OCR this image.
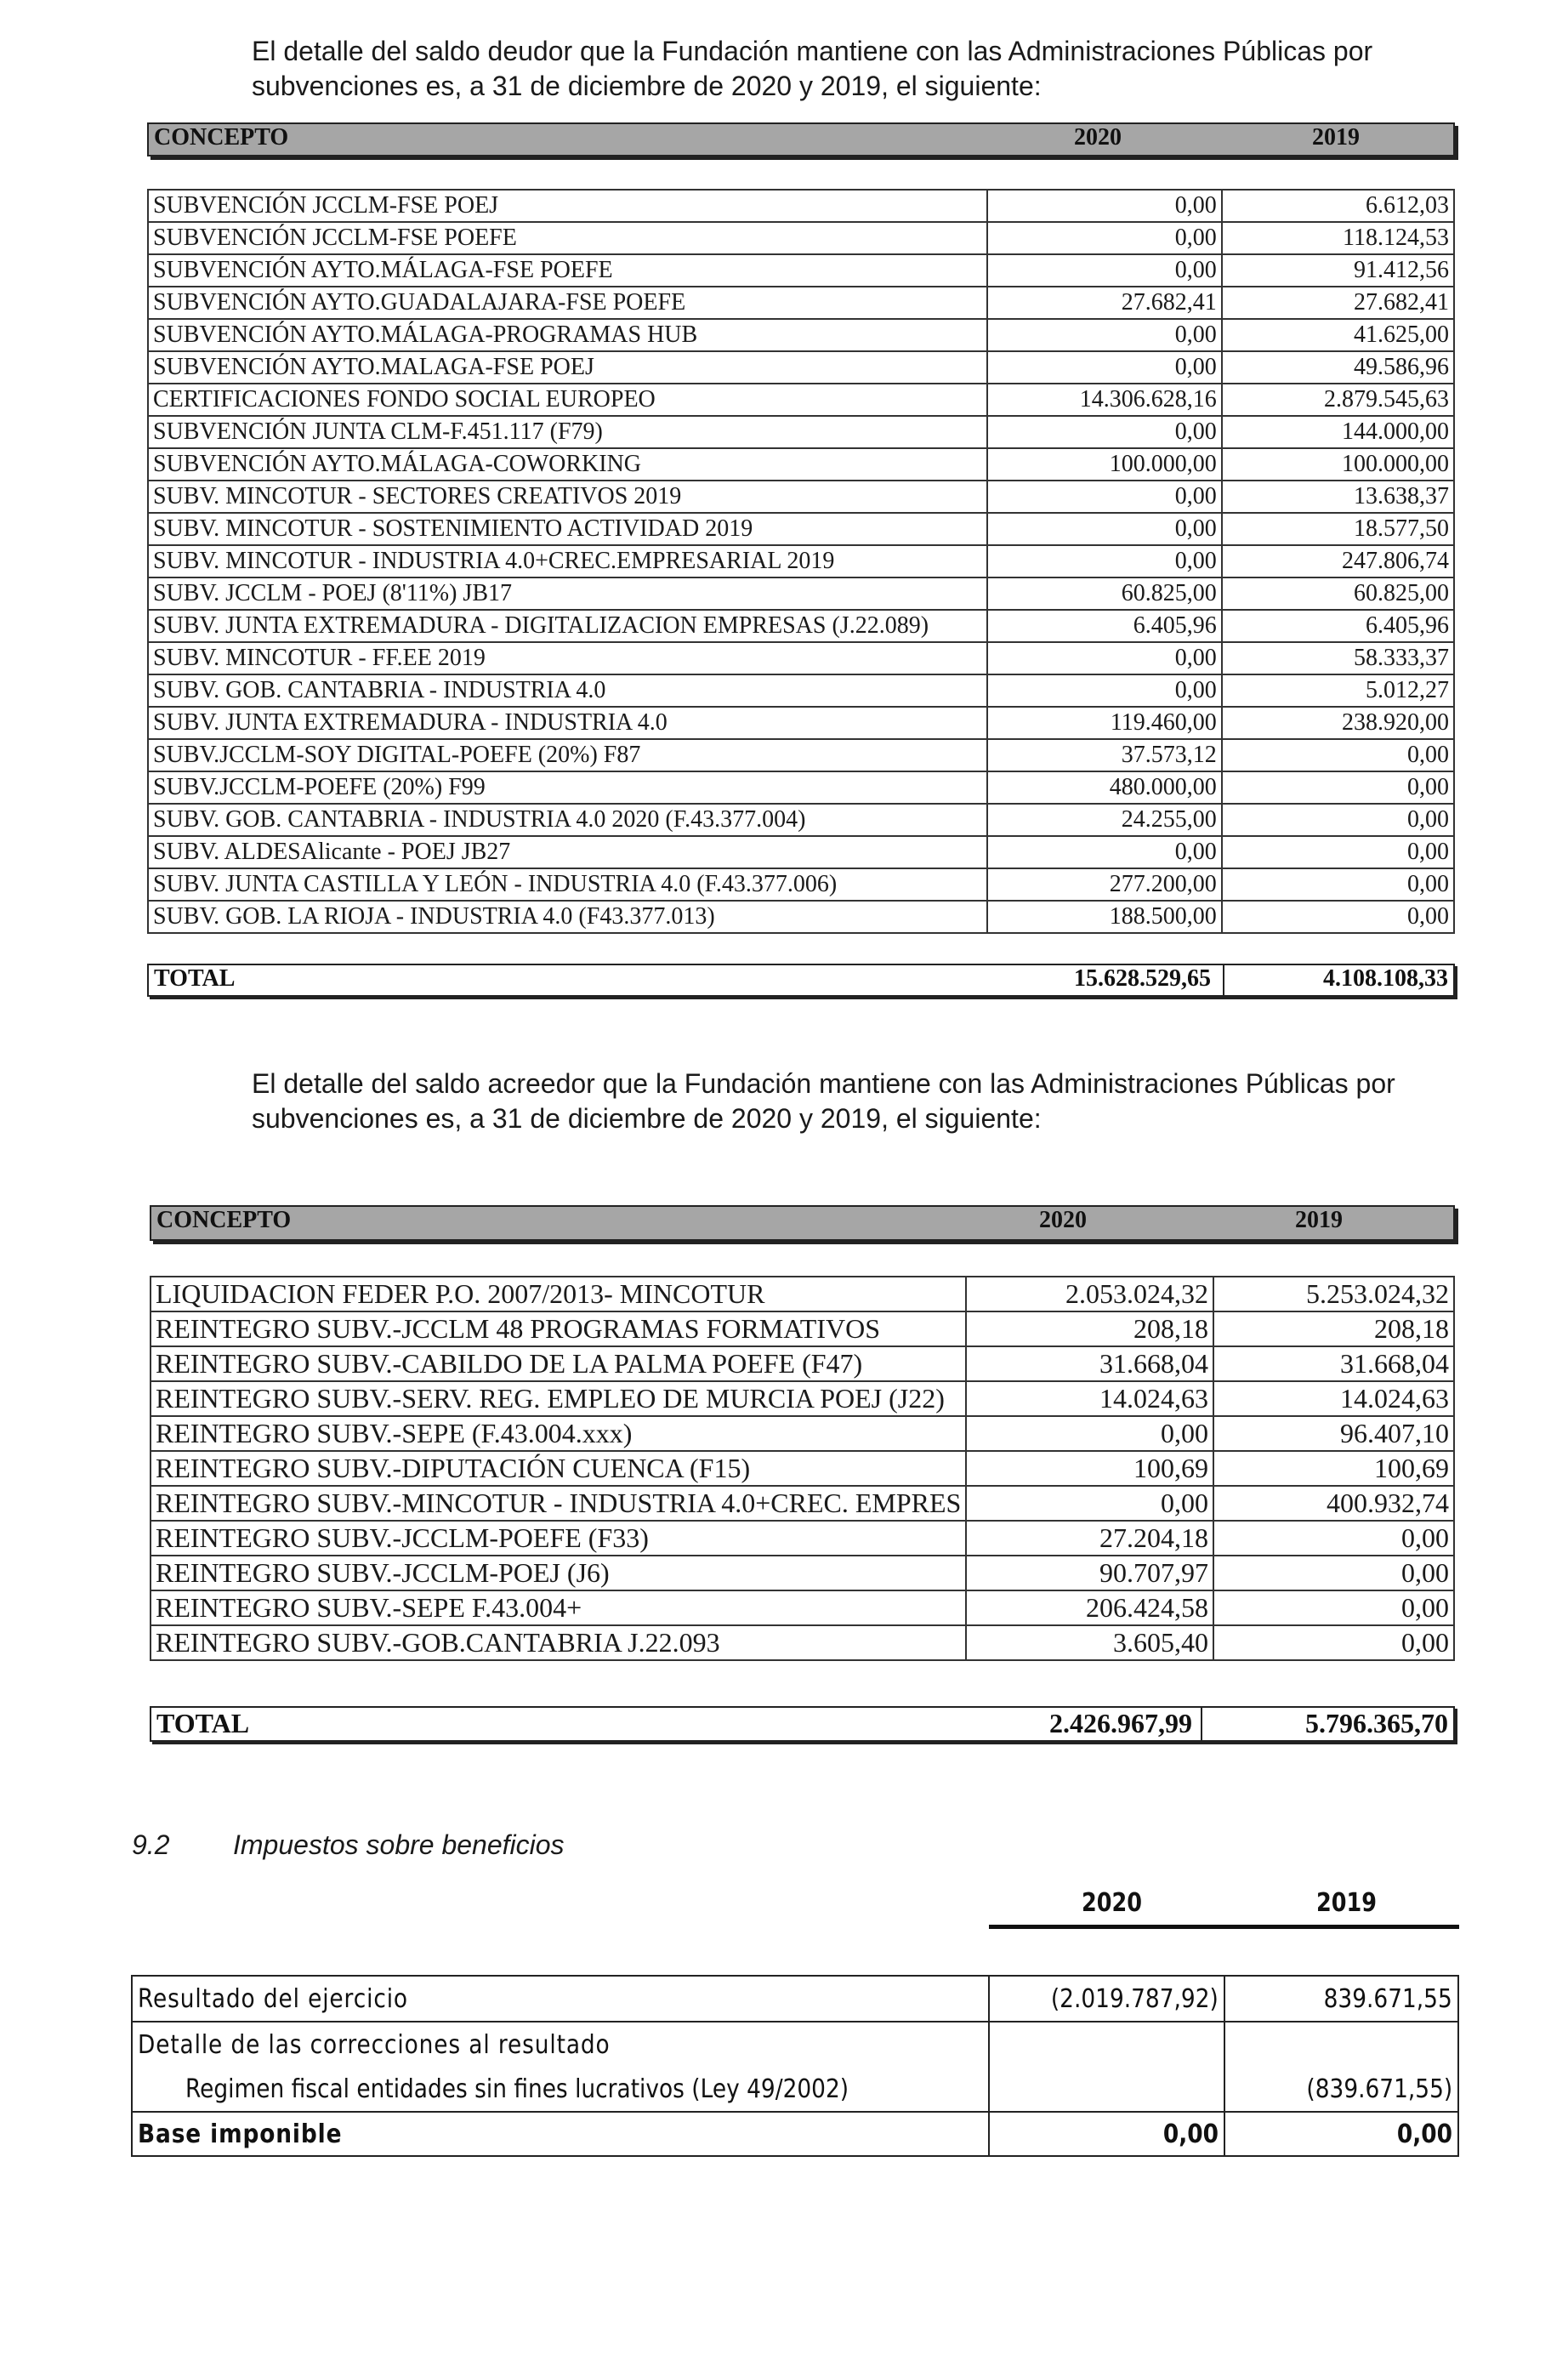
El detalle del saldo deudor que la Fundación mantiene con las Administraciones Públicas por subvenciones es, a 31 de diciembre de 2020 y 2019, el siguiente:
CONCEPTO	2020	2019
SUBVENCIÓN JCCLM-FSE POEJ	0,00	6.612,03
SUBVENCIÓN JCCLM-FSE POEFE	0,00	118.124,53
SUBVENCIÓN AYTO.MÁLAGA-FSE POEFE	0,00	91.412,56
SUBVENCIÓN AYTO.GUADALAJARA-FSE POEFE	27.682,41	27.682,41
SUBVENCIÓN AYTO.MÁLAGA-PROGRAMAS HUB	0,00	41.625,00
SUBVENCIÓN AYTO.MALAGA-FSE POEJ	0,00	49.586,96
CERTIFICACIONES FONDO SOCIAL EUROPEO	14.306.628,16	2.879.545,63
SUBVENCIÓN JUNTA CLM-F.451.117 (F79)	0,00	144.000,00
SUBVENCIÓN AYTO.MÁLAGA-COWORKING	100.000,00	100.000,00
SUBV. MINCOTUR - SECTORES CREATIVOS 2019	0,00	13.638,37
SUBV. MINCOTUR - SOSTENIMIENTO ACTIVIDAD 2019	0,00	18.577,50
SUBV. MINCOTUR - INDUSTRIA 4.0+CREC.EMPRESARIAL 2019	0,00	247.806,74
SUBV. JCCLM - POEJ (8'11%) JB17	60.825,00	60.825,00
SUBV. JUNTA EXTREMADURA - DIGITALIZACION EMPRESAS (J.22.089)	6.405,96	6.405,96
SUBV. MINCOTUR - FF.EE 2019	0,00	58.333,37
SUBV. GOB. CANTABRIA - INDUSTRIA 4.0	0,00	5.012,27
SUBV. JUNTA EXTREMADURA - INDUSTRIA 4.0	119.460,00	238.920,00
SUBV.JCCLM-SOY DIGITAL-POEFE (20%) F87	37.573,12	0,00
SUBV.JCCLM-POEFE (20%) F99	480.000,00	0,00
SUBV. GOB. CANTABRIA - INDUSTRIA 4.0 2020 (F.43.377.004)	24.255,00	0,00
SUBV. ALDESAlicante - POEJ JB27	0,00	0,00
SUBV. JUNTA CASTILLA Y LEÓN - INDUSTRIA 4.0 (F.43.377.006)	277.200,00	0,00
SUBV. GOB. LA RIOJA - INDUSTRIA 4.0 (F43.377.013)	188.500,00	0,00
TOTAL	15.628.529,65	4.108.108,33
El detalle del saldo acreedor que la Fundación mantiene con las Administraciones Públicas por subvenciones es, a 31 de diciembre de 2020 y 2019, el siguiente:
CONCEPTO	2020	2019
LIQUIDACION FEDER P.O. 2007/2013- MINCOTUR	2.053.024,32	5.253.024,32
REINTEGRO SUBV.-JCCLM 48 PROGRAMAS FORMATIVOS	208,18	208,18
REINTEGRO SUBV.-CABILDO DE LA PALMA POEFE (F47)	31.668,04	31.668,04
REINTEGRO SUBV.-SERV. REG. EMPLEO DE MURCIA POEJ (J22)	14.024,63	14.024,63
REINTEGRO SUBV.-SEPE (F.43.004.xxx)	0,00	96.407,10
REINTEGRO SUBV.-DIPUTACIÓN CUENCA (F15)	100,69	100,69
REINTEGRO SUBV.-MINCOTUR - INDUSTRIA 4.0+CREC. EMPRES	0,00	400.932,74
REINTEGRO SUBV.-JCCLM-POEFE (F33)	27.204,18	0,00
REINTEGRO SUBV.-JCCLM-POEJ (J6)	90.707,97	0,00
REINTEGRO SUBV.-SEPE F.43.004+	206.424,58	0,00
REINTEGRO SUBV.-GOB.CANTABRIA J.22.093	3.605,40	0,00
TOTAL	2.426.967,99	5.796.365,70
9.2 Impuestos sobre beneficios
2020	2019
Resultado del ejercicio	(2.019.787,92)	839.671,55
Detalle de las correcciones al resultado		
Regimen fiscal entidades sin fines lucrativos (Ley 49/2002)		(839.671,55)
Base imponible	0,00	0,00
